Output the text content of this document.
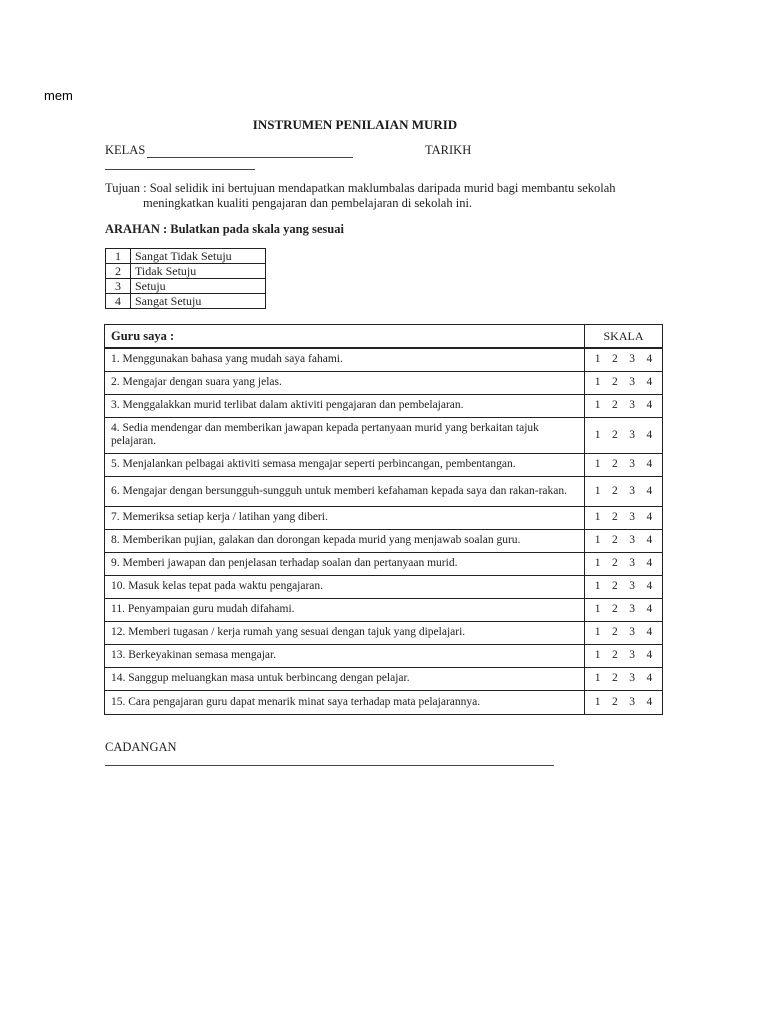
mem
INSTRUMEN PENILAIAN MURID
KELAS	TARIKH
Tujuan : Soal selidik ini bertujuan mendapatkan maklumbalas daripada murid bagi membantu sekolah
meningkatkan kualiti pengajaran dan pembelajaran di sekolah ini.
ARAHAN : Bulatkan pada skala yang sesuai
1	Sangat Tidak Setuju
2	Tidak Setuju
3	Setuju
4	Sangat Setuju
Guru saya :	SKALA
1. Menggunakan bahasa yang mudah saya fahami.	1 2 3 4

2. Mengajar dengan suara yang jelas.	1 2 3 4

3. Menggalakkan murid terlibat dalam aktiviti pengajaran dan pembelajaran.	1 2 3 4

4. Sedia mendengar dan memberikan jawapan kepada pertanyaan murid yang berkaitan tajuk pelajaran.	1 2 3 4

5. Menjalankan pelbagai aktiviti semasa mengajar seperti perbincangan, pembentangan.	1 2 3 4

6. Mengajar dengan bersungguh-sungguh untuk memberi kefahaman kepada saya dan rakan-rakan.	1 2 3 4

7. Memeriksa setiap kerja / latihan yang diberi.	1 2 3 4

8. Memberikan pujian, galakan dan dorongan kepada murid yang menjawab soalan guru.	1 2 3 4

9. Memberi jawapan dan penjelasan terhadap soalan dan pertanyaan murid.	1 2 3 4

10. Masuk kelas tepat pada waktu pengajaran.	1 2 3 4

11. Penyampaian guru mudah difahami.	1 2 3 4

12. Memberi tugasan / kerja rumah yang sesuai dengan tajuk yang dipelajari.	1 2 3 4

13. Berkeyakinan semasa mengajar.	1 2 3 4

14. Sanggup meluangkan masa untuk berbincang dengan pelajar.	1 2 3 4

15. Cara pengajaran guru dapat menarik minat saya terhadap mata pelajarannya.	1 2 3 4
CADANGAN
